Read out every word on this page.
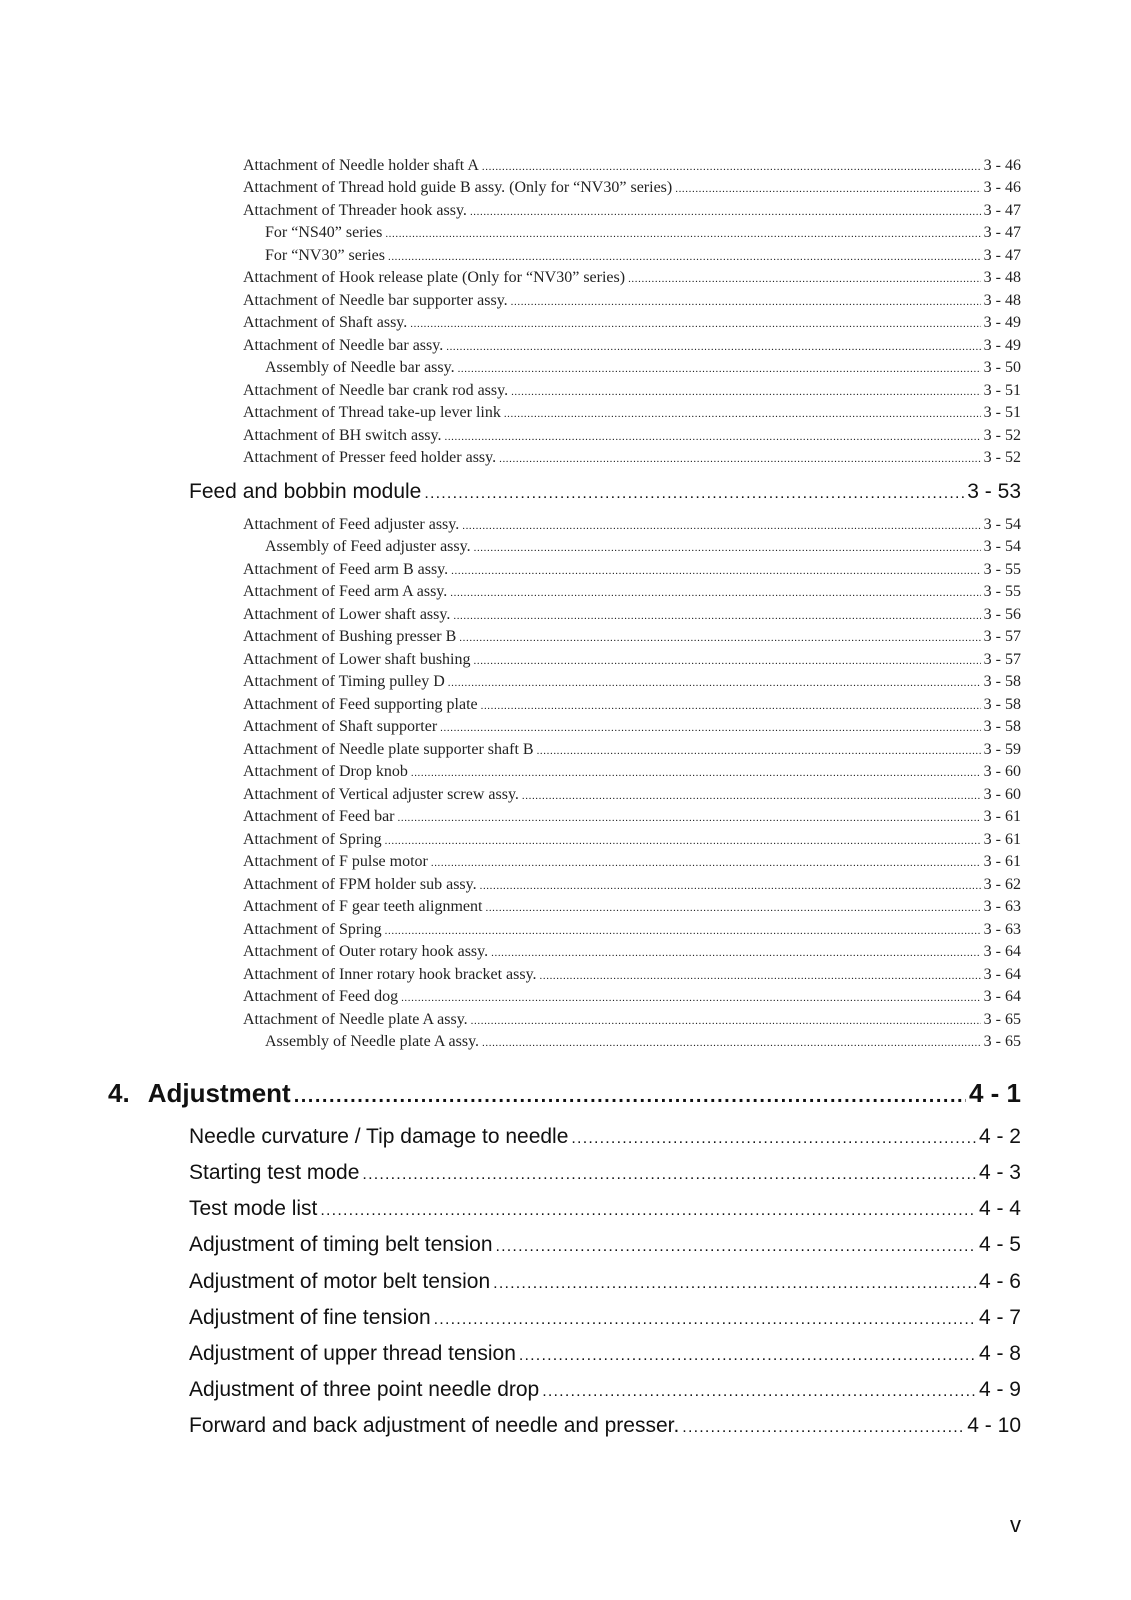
Attachment of Needle holder shaft A .....	3 - 46
Attachment of Thread hold guide B assy. (Only for “NV30” series) .....	3 - 46
Attachment of Threader hook assy. .....	3 - 47
For “NS40” series .....	3 - 47
For “NV30” series .....	3 - 47
Attachment of Hook release plate (Only for “NV30” series) .....	3 - 48
Attachment of Needle bar supporter assy. .....	3 - 48
Attachment of Shaft assy. .....	3 - 49
Attachment of Needle bar assy. .....	3 - 49
Assembly of Needle bar assy. .....	3 - 50
Attachment of Needle bar crank rod assy. .....	3 - 51
Attachment of Thread take-up lever link .....	3 - 51
Attachment of BH switch assy. .....	3 - 52
Attachment of Presser feed holder assy. .....	3 - 52
Feed and bobbin module .....	3 - 53
Attachment of Feed adjuster assy. .....	3 - 54
Assembly of Feed adjuster assy. .....	3 - 54
Attachment of Feed arm B assy. .....	3 - 55
Attachment of Feed arm A assy. .....	3 - 55
Attachment of Lower shaft assy. .....	3 - 56
Attachment of Bushing presser B .....	3 - 57
Attachment of Lower shaft bushing .....	3 - 57
Attachment of Timing pulley D .....	3 - 58
Attachment of Feed supporting plate .....	3 - 58
Attachment of Shaft supporter .....	3 - 58
Attachment of Needle plate supporter shaft B .....	3 - 59
Attachment of Drop knob .....	3 - 60
Attachment of Vertical adjuster screw assy. .....	3 - 60
Attachment of Feed bar .....	3 - 61
Attachment of Spring .....	3 - 61
Attachment of F pulse motor .....	3 - 61
Attachment of FPM holder sub assy. .....	3 - 62
Attachment of F gear teeth alignment .....	3 - 63
Attachment of Spring .....	3 - 63
Attachment of Outer rotary hook assy. .....	3 - 64
Attachment of Inner rotary hook bracket assy. .....	3 - 64
Attachment of Feed dog .....	3 - 64
Attachment of Needle plate A assy. .....	3 - 65
Assembly of Needle plate A assy. .....	3 - 65
4. Adjustment .....	4 - 1
Needle curvature / Tip damage to needle .....	4 - 2
Starting test mode .....	4 - 3
Test mode list .....	4 - 4
Adjustment of timing belt tension .....	4 - 5
Adjustment of motor belt tension .....	4 - 6
Adjustment of fine tension .....	4 - 7
Adjustment of upper thread tension .....	4 - 8
Adjustment of three point needle drop .....	4 - 9
Forward and back adjustment of needle and presser. .....	4 - 10
v
